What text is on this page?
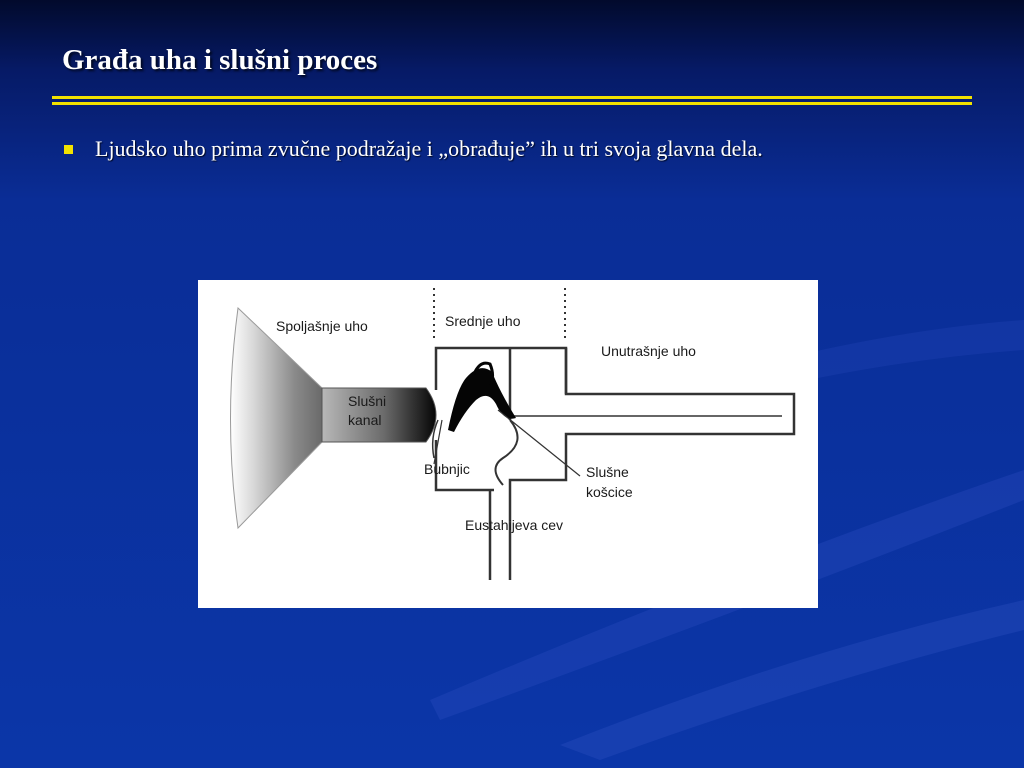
Građa uha i slušni proces
Ljudsko uho prima zvučne podražaje i „obrađuje” ih u tri svoja glavna dela.
Spoljašnje uho	Srednje uho
Unutrašnje uho
Slušni
kanal
Bubnjic	Slušne
košcice
Eustahijeva cev
